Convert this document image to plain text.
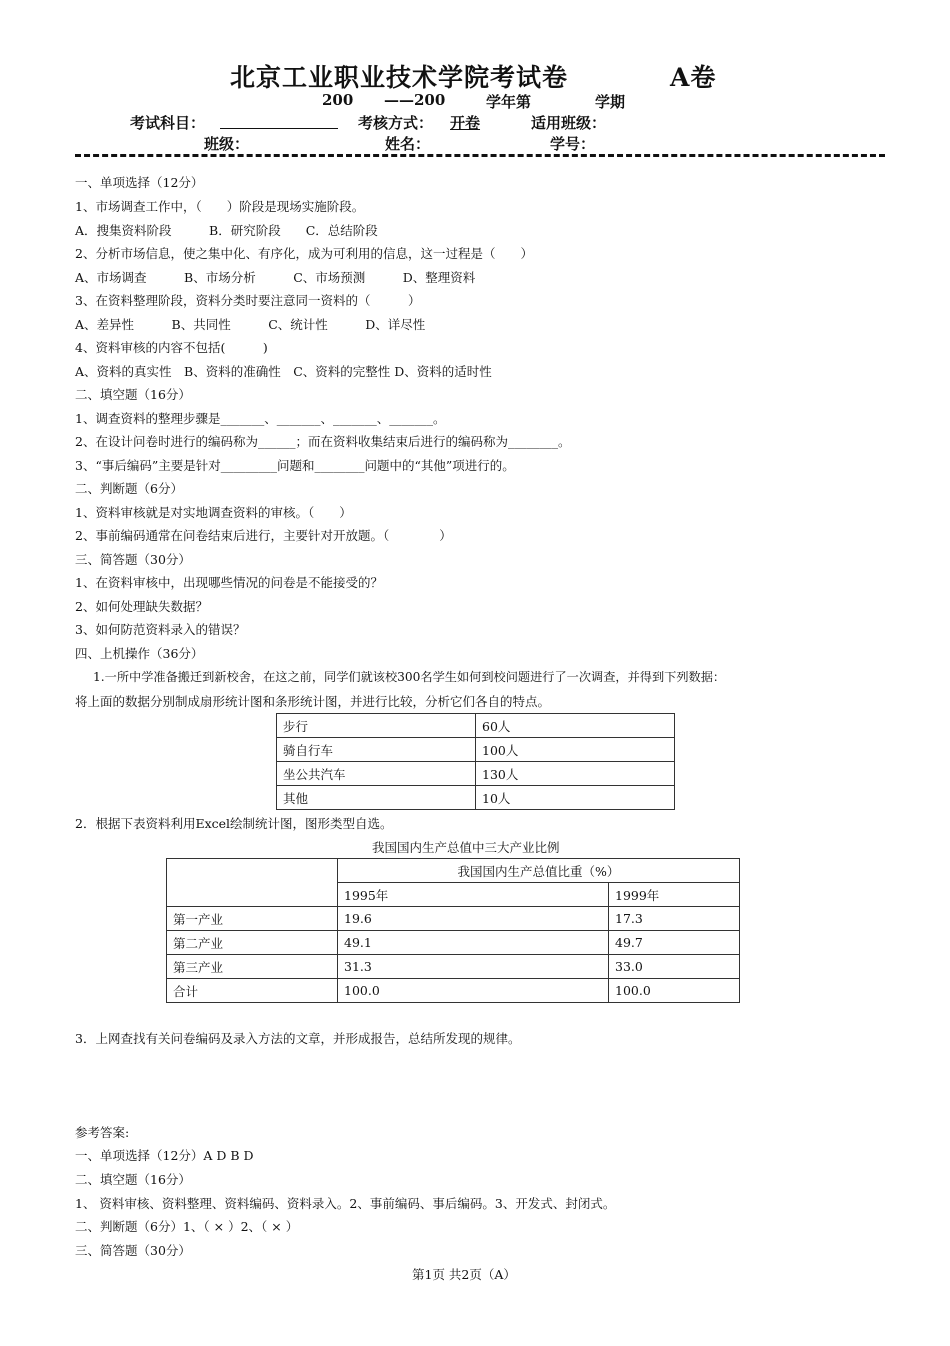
北京工业职业技术学院考试卷	A卷
200 ——200	学年第	学期
考试科目：	考核方式： 开卷	适用班级：
班级：	姓名：	学号：
一、单项选择（12分）
1、市场调查工作中，（　　）阶段是现场实施阶段。
A．搜集资料阶段　　　B．研究阶段　　C．总结阶段
2、分析市场信息，使之集中化、有序化，成为可利用的信息，这一过程是（　　）
A、市场调查　　　B、市场分析　　　C、市场预测　　　D、整理资料
3、在资料整理阶段，资料分类时要注意同一资料的（　　　）
A、差异性　　　B、共同性　　　C、统计性　　　D、详尽性
4、资料审核的内容不包括(　　　)
A、资料的真实性　B、资料的准确性　C、资料的完整性 D、资料的适时性
二、填空题（16分）
1、调查资料的整理步骤是_______、_______、_______、_______。
2、在设计问卷时进行的编码称为______；而在资料收集结束后进行的编码称为________。
3、“事后编码”主要是针对_________问题和________问题中的“其他”项进行的。
二、判断题（6分）
1、资料审核就是对实地调查资料的审核。（　　）
2、事前编码通常在问卷结束后进行，主要针对开放题。（　　　　）
三、简答题（30分）
1、在资料审核中，出现哪些情况的问卷是不能接受的？
2、如何处理缺失数据？
3、如何防范资料录入的错误？
四、上机操作（36分）
1.一所中学准备搬迁到新校舍，在这之前，同学们就该校300名学生如何到校问题进行了一次调查，并得到下列数据：
将上面的数据分别制成扇形统计图和条形统计图，并进行比较，分析它们各自的特点。
步行	60人
骑自行车	100人
坐公共汽车	130人
其他	10人
2．根据下表资料利用Excel绘制统计图，图形类型自选。
我国国内生产总值中三大产业比例
	我国国内生产总值比重（%）	
	1995年	1999年
第一产业	19.6	17.3
第二产业	49.1	49.7
第三产业	31.3	33.0
合计	100.0	100.0
3．上网查找有关问卷编码及录入方法的文章，并形成报告，总结所发现的规律。
参考答案:
一、单项选择（12分）A D B D
二、填空题（16分）
1、 资料审核、资料整理、资料编码、资料录入。2、事前编码、事后编码。3、开发式、封闭式。
二、判断题（6分）1、（ × ）2、（ × ）
三、简答题（30分）
第1页 共2页（A）
